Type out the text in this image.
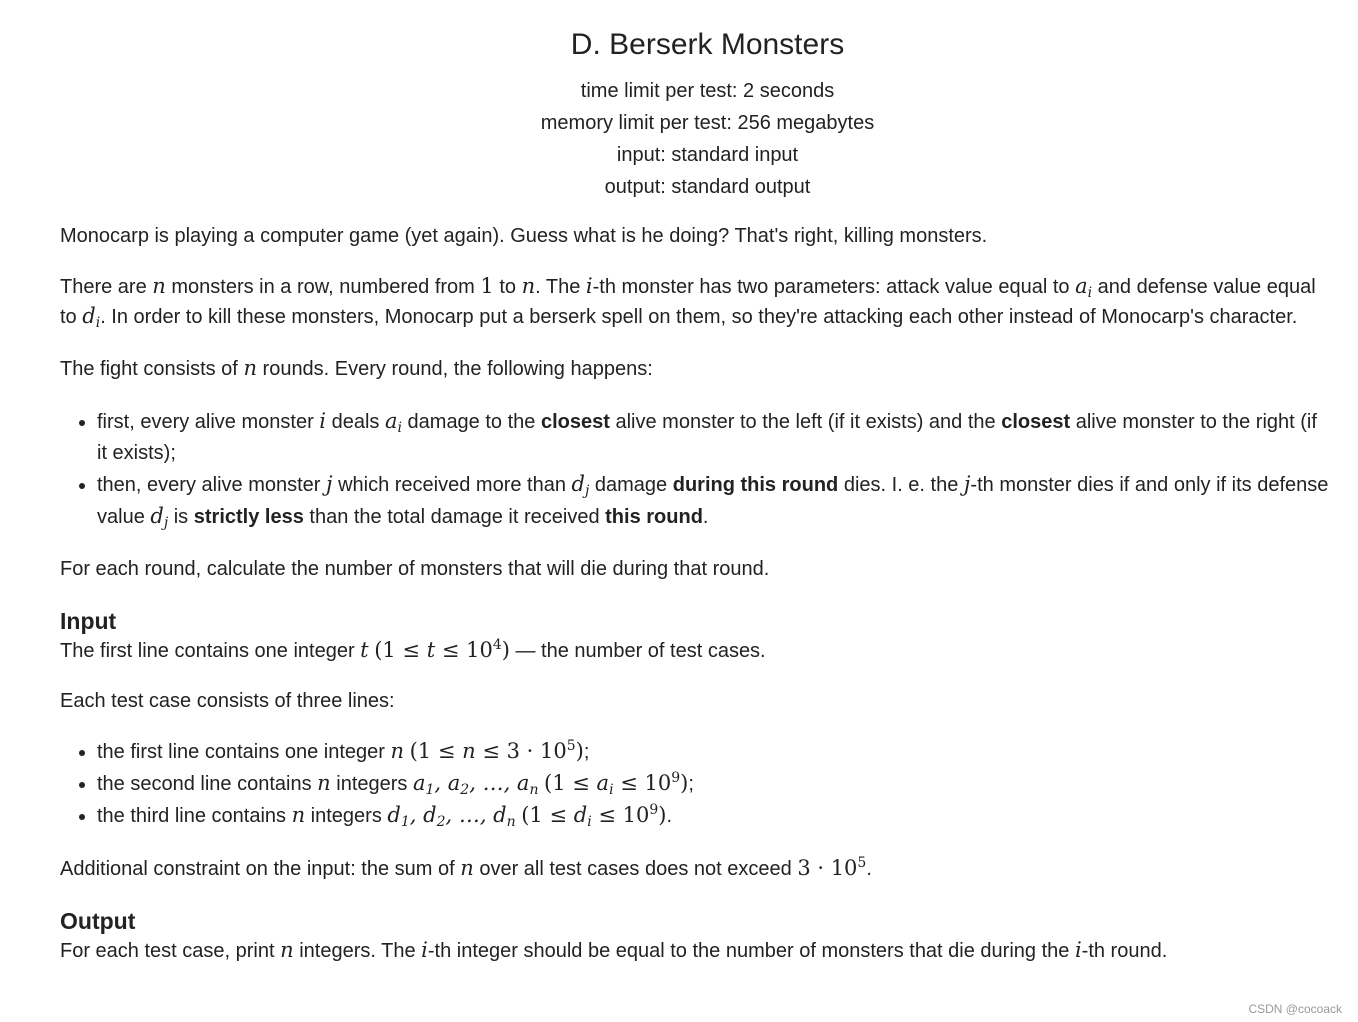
D. Berserk Monsters
time limit per test: 2 seconds
memory limit per test: 256 megabytes
input: standard input
output: standard output

Monocarp is playing a computer game (yet again). Guess what is he doing? That's right, killing monsters.

There are n monsters in a row, numbered from 1 to n. The i-th monster has two parameters: attack value equal to $a_i$ and defense value equal to $d_i$. In order to kill these monsters, Monocarp put a berserk spell on them, so they're attacking each other instead of Monocarp's character.

The fight consists of n rounds. Every round, the following happens:

• first, every alive monster i deals $a_i$ damage to the closest alive monster to the left (if it exists) and the closest alive monster to the right (if it exists);
• then, every alive monster j which received more than $d_j$ damage during this round dies. I. e. the j-th monster dies if and only if its defense value $d_j$ is strictly less than the total damage it received this round.

For each round, calculate the number of monsters that will die during that round.

Input

The first line contains one integer t $(1 \le t \le 10^4)$ — the number of test cases.

Each test case consists of three lines:

• the first line contains one integer n $(1 \le n \le 3 \cdot 10^5)$;
• the second line contains n integers $a_1$, $a_2$, …, $a_n$ $(1 \le a_i \le 10^9)$;
• the third line contains n integers $d_1$, $d_2$, …, $d_n$ $(1 \le d_i \le 10^9)$.

Additional constraint on the input: the sum of n over all test cases does not exceed $3 \cdot 10^5$.

Output

For each test case, print n integers. The i-th integer should be equal to the number of monsters that die during the i-th round.

CSDN @cocoack
